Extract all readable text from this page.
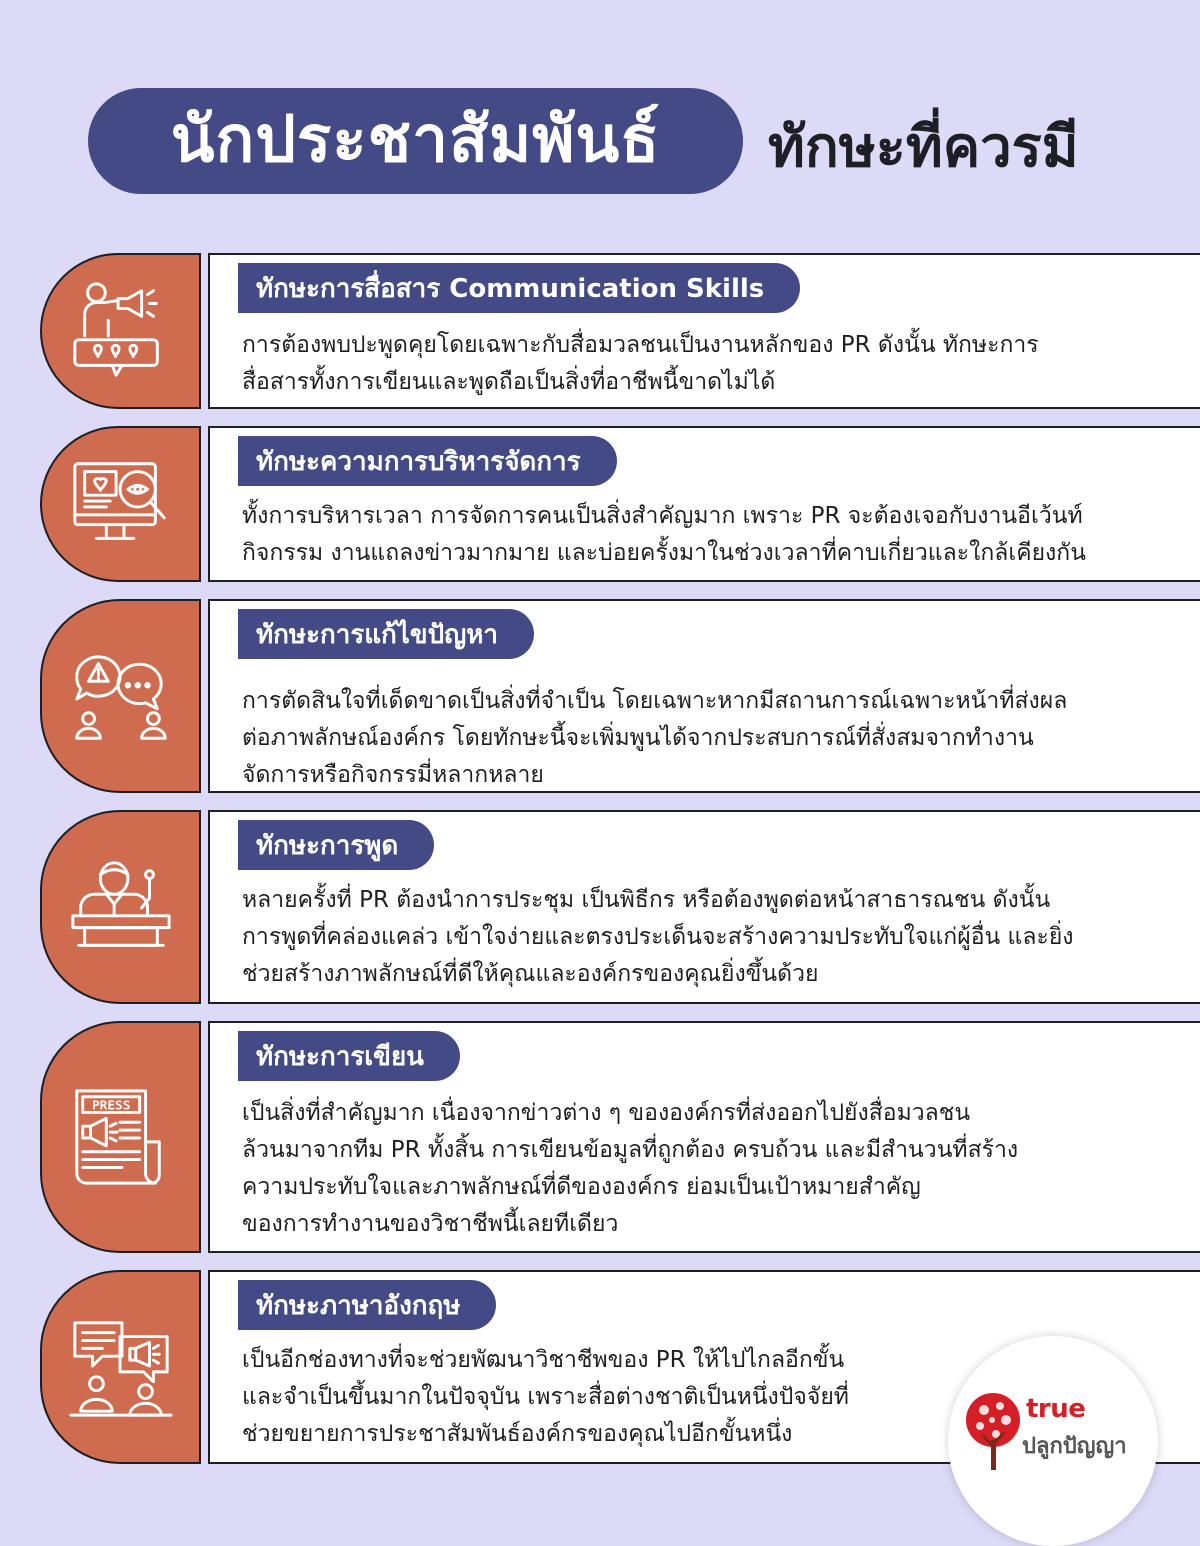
นักประชาสัมพันธ์	ทักษะที่ควรมี
ทักษะการสื่อสาร Communication Skills
การต้องพบปะพูดคุยโดยเฉพาะกับสื่อมวลชนเป็นงานหลักของ PR ดังนั้น ทักษะการ
สื่อสารทั้งการเขียนและพูดถือเป็นสิ่งที่อาชีพนี้ขาดไม่ได้
ทักษะความการบริหารจัดการ
ทั้งการบริหารเวลา การจัดการคนเป็นสิ่งสำคัญมาก เพราะ PR จะต้องเจอกับงานอีเว้นท์
กิจกรรม งานแถลงข่าวมากมาย และบ่อยครั้งมาในช่วงเวลาที่คาบเกี่ยวและใกล้เคียงกัน
ทักษะการแก้ไขปัญหา
การตัดสินใจที่เด็ดขาดเป็นสิ่งที่จำเป็น โดยเฉพาะหากมีสถานการณ์เฉพาะหน้าที่ส่งผล
ต่อภาพลักษณ์องค์กร โดยทักษะนี้จะเพิ่มพูนได้จากประสบการณ์ที่สั่งสมจากทำงาน
จัดการหรือกิจกรรมี่หลากหลาย
ทักษะการพูด
หลายครั้งที่ PR ต้องนำการประชุม เป็นพิธีกร หรือต้องพูดต่อหน้าสาธารณชน ดังนั้น
การพูดที่คล่องแคล่ว เข้าใจง่ายและตรงประเด็นจะสร้างความประทับใจแก่ผู้อื่น และยิ่ง
ช่วยสร้างภาพลักษณ์ที่ดีให้คุณและองค์กรของคุณยิ่งขึ้นด้วย
PRESS
ทักษะการเขียน
เป็นสิ่งที่สำคัญมาก เนื่องจากข่าวต่าง ๆ ขององค์กรที่ส่งออกไปยังสื่อมวลชน
ล้วนมาจากทีม PR ทั้งสิ้น การเขียนข้อมูลที่ถูกต้อง ครบถ้วน และมีสำนวนที่สร้าง
ความประทับใจและภาพลักษณ์ที่ดีขององค์กร ย่อมเป็นเป้าหมายสำคัญ
ของการทำงานของวิชาชีพนี้เลยทีเดียว
ทักษะภาษาอังกฤษ
เป็นอีกช่องทางที่จะช่วยพัฒนาวิชาชีพของ PR ให้ไปไกลอีกขั้น
และจำเป็นขึ้นมากในปัจจุบัน เพราะสื่อต่างชาติเป็นหนึ่งปัจจัยที่
ช่วยขยายการประชาสัมพันธ์องค์กรของคุณไปอีกขั้นหนึ่ง
true
ปลูกปัญญา
